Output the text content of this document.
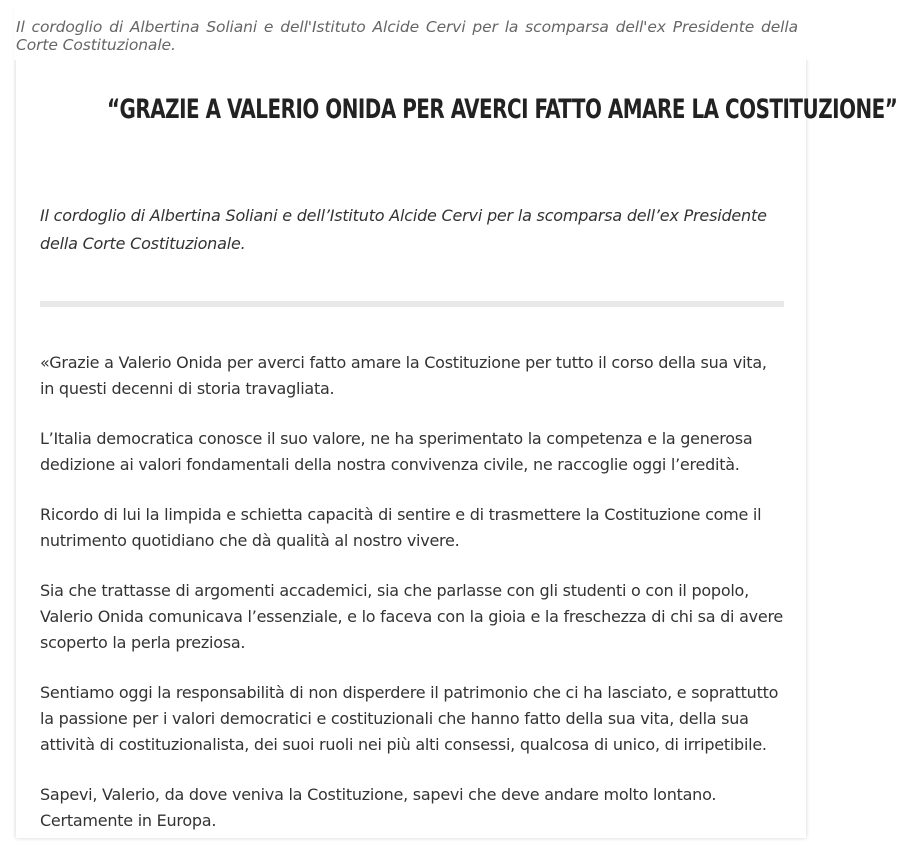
Il cordoglio di Albertina Soliani e dell'Istituto Alcide Cervi per la scomparsa dell'ex Presidente della Corte Costituzionale.

“GRAZIE A VALERIO ONIDA PER AVERCI FATTO AMARE LA COSTITUZIONE”

Il cordoglio di Albertina Soliani e dell’Istituto Alcide Cervi per la scomparsa dell’ex Presidente della Corte Costituzionale.

«Grazie a Valerio Onida per averci fatto amare la Costituzione per tutto il corso della sua vita, in questi decenni di storia travagliata.

L’Italia democratica conosce il suo valore, ne ha sperimentato la competenza e la generosa dedizione ai valori fondamentali della nostra convivenza civile, ne raccoglie oggi l’eredità.

Ricordo di lui la limpida e schietta capacità di sentire e di trasmettere la Costituzione come il nutrimento quotidiano che dà qualità al nostro vivere.

Sia che trattasse di argomenti accademici, sia che parlasse con gli studenti o con il popolo, Valerio Onida comunicava l’essenziale, e lo faceva con la gioia e la freschezza di chi sa di avere scoperto la perla preziosa.

Sentiamo oggi la responsabilità di non disperdere il patrimonio che ci ha lasciato, e soprattutto la passione per i valori democratici e costituzionali che hanno fatto della sua vita, della sua attività di costituzionalista, dei suoi ruoli nei più alti consessi, qualcosa di unico, di irripetibile.

Sapevi, Valerio, da dove veniva la Costituzione, sapevi che deve andare molto lontano. Certamente in Europa.
